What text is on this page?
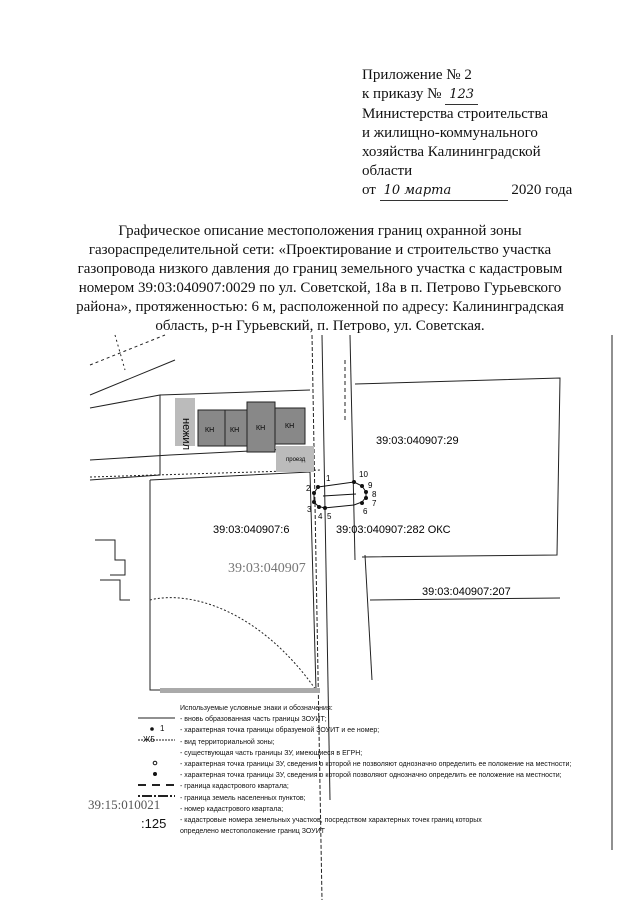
Приложение № 2
к приказу № 123
Министерства строительства
и жилищно-коммунального
хозяйства Калининградской
области
от 10 марта	2020 года
Графическое описание местоположения границ охранной зоны газораспределительной сети: «Проектирование и строительство участка газопровода низкого давления до границ земельного участка с кадастровым номером 39:03:040907:0029 по ул. Советской, 18а в п. Петрово Гурьевского района», протяженностью: 6 м, расположенной по адресу: Калининградская область, р-н Гурьевский, п. Петрово, ул. Советская.
нежил
проезд
КН КН КН	КН
1
2
3
4 5
6
7
8
9
10
39:03:040907:29
39:03:040907:6	39:03:040907:282 ОКС
39:03:040907
39:03:040907:207
1
Ж5
39:15:010021
:125
Используемые условные знаки и обозначения:
- вновь образованная часть границы ЗОУИТ;
- характерная точка границы образуемой ЗОУИТ и ее номер;
- вид территориальной зоны;
- существующая часть границы ЗУ, имеющиеся в ЕГРН;
- характерная точка границы ЗУ, сведения о которой не позволяют однозначно определить ее положение на местности;
- характерная точка границы ЗУ, сведения о которой позволяют однозначно определить ее положение на местности;
- граница кадастрового квартала;
- граница земель населенных пунктов;
- номер кадастрового квартала;
- кадастровые номера земельных участков, посредством характерных точек границ которых
определено местоположение границ ЗОУИТ
